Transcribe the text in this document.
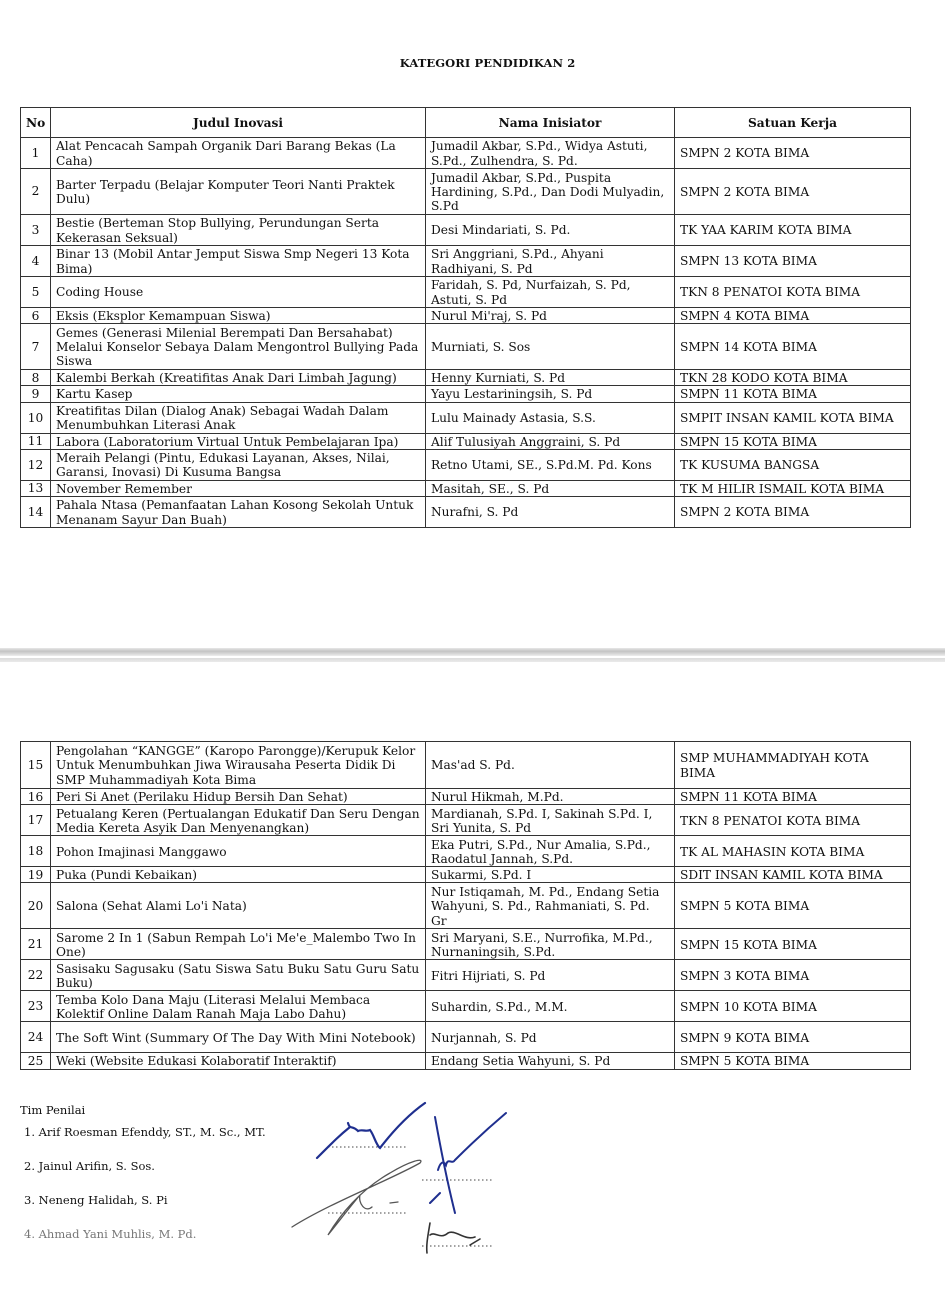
KATEGORI PENDIDIKAN 2
No	Judul Inovasi	Nama Inisiator	Satuan Kerja
1	Alat Pencacah Sampah Organik Dari Barang Bekas (La Caha)	Jumadil Akbar, S.Pd., Widya Astuti, S.Pd., Zulhendra, S. Pd.	SMPN 2 KOTA BIMA
2	Barter Terpadu (Belajar Komputer Teori Nanti Praktek Dulu)	Jumadil Akbar, S.Pd., Puspita Hardining, S.Pd., Dan Dodi Mulyadin, S.Pd	SMPN 2 KOTA BIMA
3	Bestie (Berteman Stop Bullying, Perundungan Serta Kekerasan Seksual)	Desi Mindariati, S. Pd.	TK YAA KARIM KOTA BIMA
4	Binar 13 (Mobil Antar Jemput Siswa Smp Negeri 13 Kota Bima)	Sri Anggriani, S.Pd., Ahyani Radhiyani, S. Pd	SMPN 13 KOTA BIMA
5	Coding House	Faridah, S. Pd, Nurfaizah, S. Pd, Astuti, S. Pd	TKN 8 PENATOI KOTA BIMA
6	Eksis (Eksplor Kemampuan Siswa)	Nurul Mi'raj, S. Pd	SMPN 4 KOTA BIMA
7	Gemes (Generasi Milenial Berempati Dan Bersahabat) Melalui Konselor Sebaya Dalam Mengontrol Bullying Pada Siswa	Murniati, S. Sos	SMPN 14 KOTA BIMA
8	Kalembi Berkah (Kreatifitas Anak Dari Limbah Jagung)	Henny Kurniati, S. Pd	TKN 28 KODO KOTA BIMA
9	Kartu Kasep	Yayu Lestariningsih, S. Pd	SMPN 11 KOTA BIMA
10	Kreatifitas Dilan (Dialog Anak) Sebagai Wadah Dalam Menumbuhkan Literasi Anak	Lulu Mainady Astasia, S.S.	SMPIT INSAN KAMIL KOTA BIMA
11	Labora (Laboratorium Virtual Untuk Pembelajaran Ipa)	Alif Tulusiyah Anggraini, S. Pd	SMPN 15 KOTA BIMA
12	Meraih Pelangi (Pintu, Edukasi Layanan, Akses, Nilai, Garansi, Inovasi) Di Kusuma Bangsa	Retno Utami, SE., S.Pd.M. Pd. Kons	TK KUSUMA BANGSA
13	November Remember	Masitah, SE., S. Pd	TK M HILIR ISMAIL KOTA BIMA
14	Pahala Ntasa (Pemanfaatan Lahan Kosong Sekolah Untuk Menanam Sayur Dan Buah)	Nurafni, S. Pd	SMPN 2 KOTA BIMA
15	Pengolahan “KANGGE” (Karopo Parongge)/Kerupuk Kelor Untuk Menumbuhkan Jiwa Wirausaha Peserta Didik Di SMP Muhammadiyah Kota Bima	Mas'ad S. Pd.	SMP MUHAMMADIYAH KOTA BIMA
16	Peri Si Anet (Perilaku Hidup Bersih Dan Sehat)	Nurul Hikmah, M.Pd.	SMPN 11 KOTA BIMA
17	Petualang Keren (Pertualangan Edukatif Dan Seru Dengan Media Kereta Asyik Dan Menyenangkan)	Mardianah, S.Pd. I, Sakinah S.Pd. I, Sri Yunita, S. Pd	TKN 8 PENATOI KOTA BIMA
18	Pohon Imajinasi Manggawo	Eka Putri, S.Pd., Nur Amalia, S.Pd., Raodatul Jannah, S.Pd.	TK AL MAHASIN KOTA BIMA
19	Puka (Pundi Kebaikan)	Sukarmi, S.Pd. I	SDIT INSAN KAMIL KOTA BIMA
20	Salona (Sehat Alami Lo'i Nata)	Nur Istiqamah, M. Pd., Endang Setia Wahyuni, S. Pd., Rahmaniati, S. Pd. Gr	SMPN 5 KOTA BIMA
21	Sarome 2 In 1 (Sabun Rempah Lo'i Me'e_Malembo Two In One)	Sri Maryani, S.E., Nurrofika, M.Pd., Nurnaningsih, S.Pd.	SMPN 15 KOTA BIMA
22	Sasisaku Sagusaku (Satu Siswa Satu Buku Satu Guru Satu Buku)	Fitri Hijriati, S. Pd	SMPN 3 KOTA BIMA
23	Temba Kolo Dana Maju (Literasi Melalui Membaca Kolektif Online Dalam Ranah Maja Labo Dahu)	Suhardin, S.Pd., M.M.	SMPN 10 KOTA BIMA
24	The Soft Wint (Summary Of The Day With Mini Notebook)	Nurjannah, S. Pd	SMPN 9 KOTA BIMA
25	Weki (Website Edukasi Kolaboratif Interaktif)	Endang Setia Wahyuni, S. Pd	SMPN 5 KOTA BIMA
Tim Penilai
1. Arif Roesman Efenddy, ST., M. Sc., MT.
2. Jainul Arifin, S. Sos.
3. Neneng Halidah, S. Pi
4. Ahmad Yani Muhlis, M. Pd.
